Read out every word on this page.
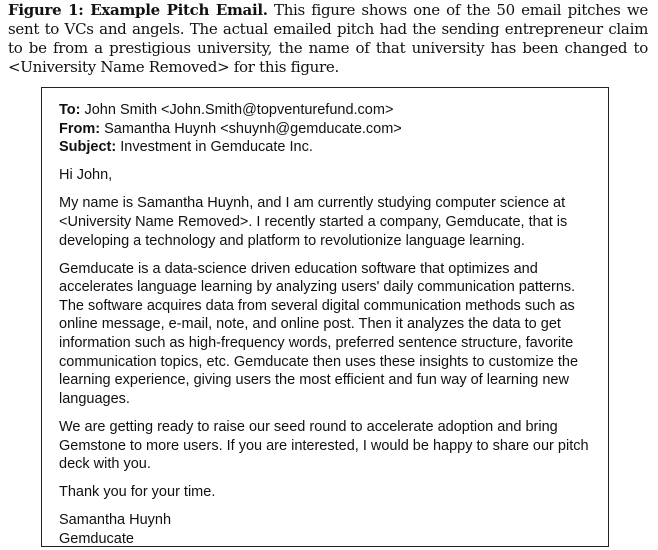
Figure 1: Example Pitch Email. This figure shows one of the 50 email pitches we sent to VCs and angels. The actual emailed pitch had the sending entrepreneur claim to be from a prestigious university, the name of that university has been changed to <University Name Removed> for this figure.
To: John Smith <John.Smith@topventurefund.com>
From: Samantha Huynh <shuynh@gemducate.com>
Subject: Investment in Gemducate Inc.

Hi John,

My name is Samantha Huynh, and I am currently studying computer science at <University Name Removed>. I recently started a company, Gemducate, that is developing a technology and platform to revolutionize language learning.

Gemducate is a data-science driven education software that optimizes and accelerates language learning by analyzing users' daily communication patterns. The software acquires data from several digital communication methods such as online message, e-mail, note, and online post. Then it analyzes the data to get information such as high-frequency words, preferred sentence structure, favorite communication topics, etc. Gemducate then uses these insights to customize the learning experience, giving users the most efficient and fun way of learning new languages.

We are getting ready to raise our seed round to accelerate adoption and bring Gemstone to more users. If you are interested, I would be happy to share our pitch deck with you.

Thank you for your time.

Samantha Huynh

Gemducate
